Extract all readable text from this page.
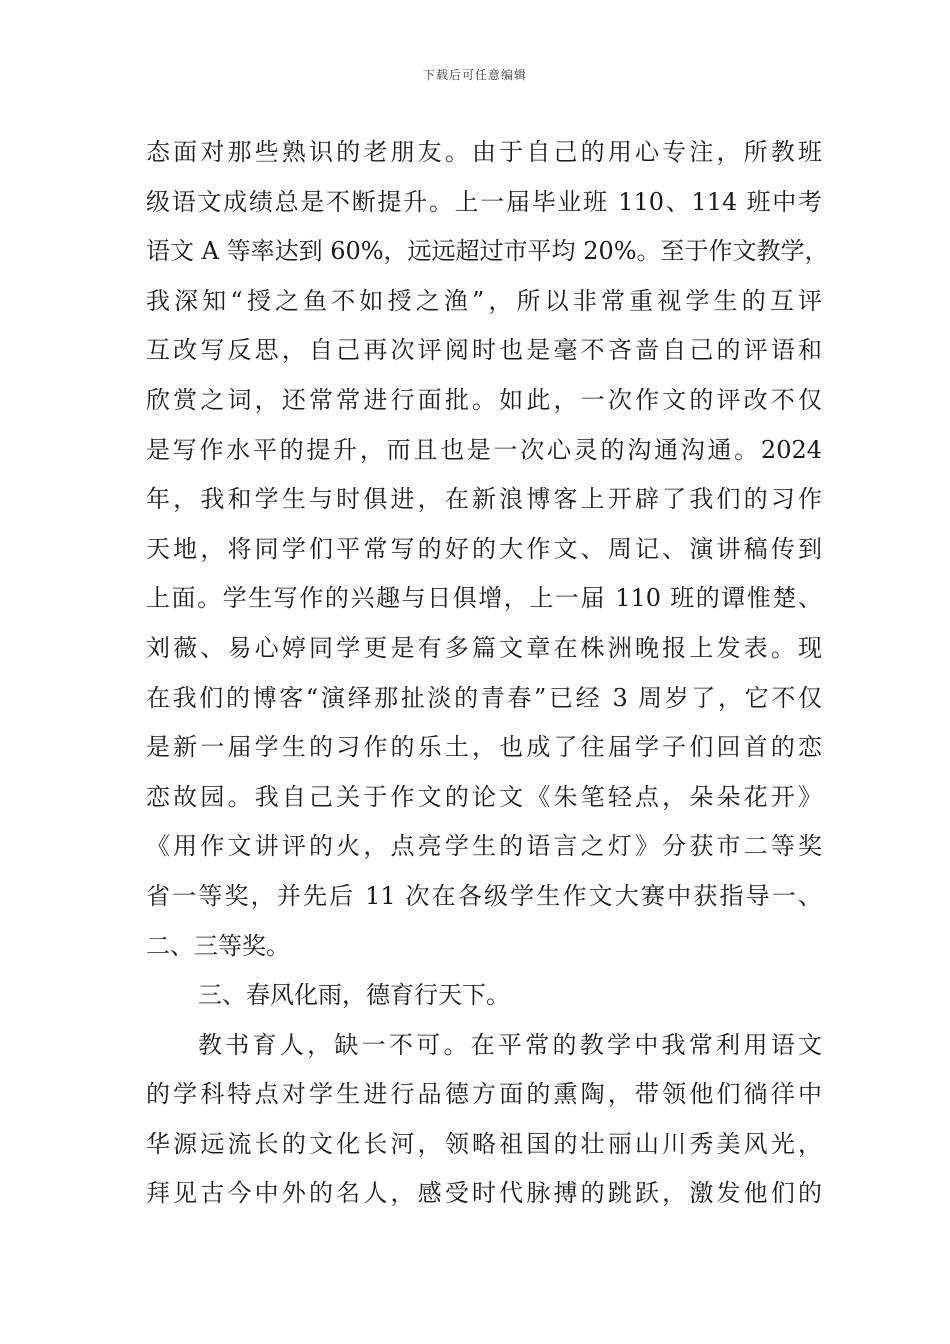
下载后可任意编辑
态面对那些熟识的老朋友。由于自己的用心专注，所教班
级语文成绩总是不断提升。上一届毕业班 110、114 班中考
语文 A 等率达到 60%，远远超过市平均 20%。至于作文教学，
我深知“授之鱼不如授之渔”，所以非常重视学生的互评
互改写反思，自己再次评阅时也是毫不吝啬自己的评语和
欣赏之词，还常常进行面批。如此，一次作文的评改不仅
是写作水平的提升，而且也是一次心灵的沟通沟通。2024
年，我和学生与时俱进，在新浪博客上开辟了我们的习作
天地，将同学们平常写的好的大作文、周记、演讲稿传到
上面。学生写作的兴趣与日俱增，上一届 110 班的谭惟楚、
刘薇、易心婷同学更是有多篇文章在株洲晚报上发表。现
在我们的博客“演绎那扯淡的青春”已经 3 周岁了，它不仅
是新一届学生的习作的乐土，也成了往届学子们回首的恋
恋故园。我自己关于作文的论文《朱笔轻点，朵朵花开》
《用作文讲评的火，点亮学生的语言之灯》分获市二等奖
省一等奖，并先后 11 次在各级学生作文大赛中获指导一、
二、三等奖。
三、春风化雨，德育行天下。
教书育人，缺一不可。在平常的教学中我常利用语文
的学科特点对学生进行品德方面的熏陶，带领他们徜徉中
华源远流长的文化长河，领略祖国的壮丽山川秀美风光，
拜见古今中外的名人，感受时代脉搏的跳跃，激发他们的
